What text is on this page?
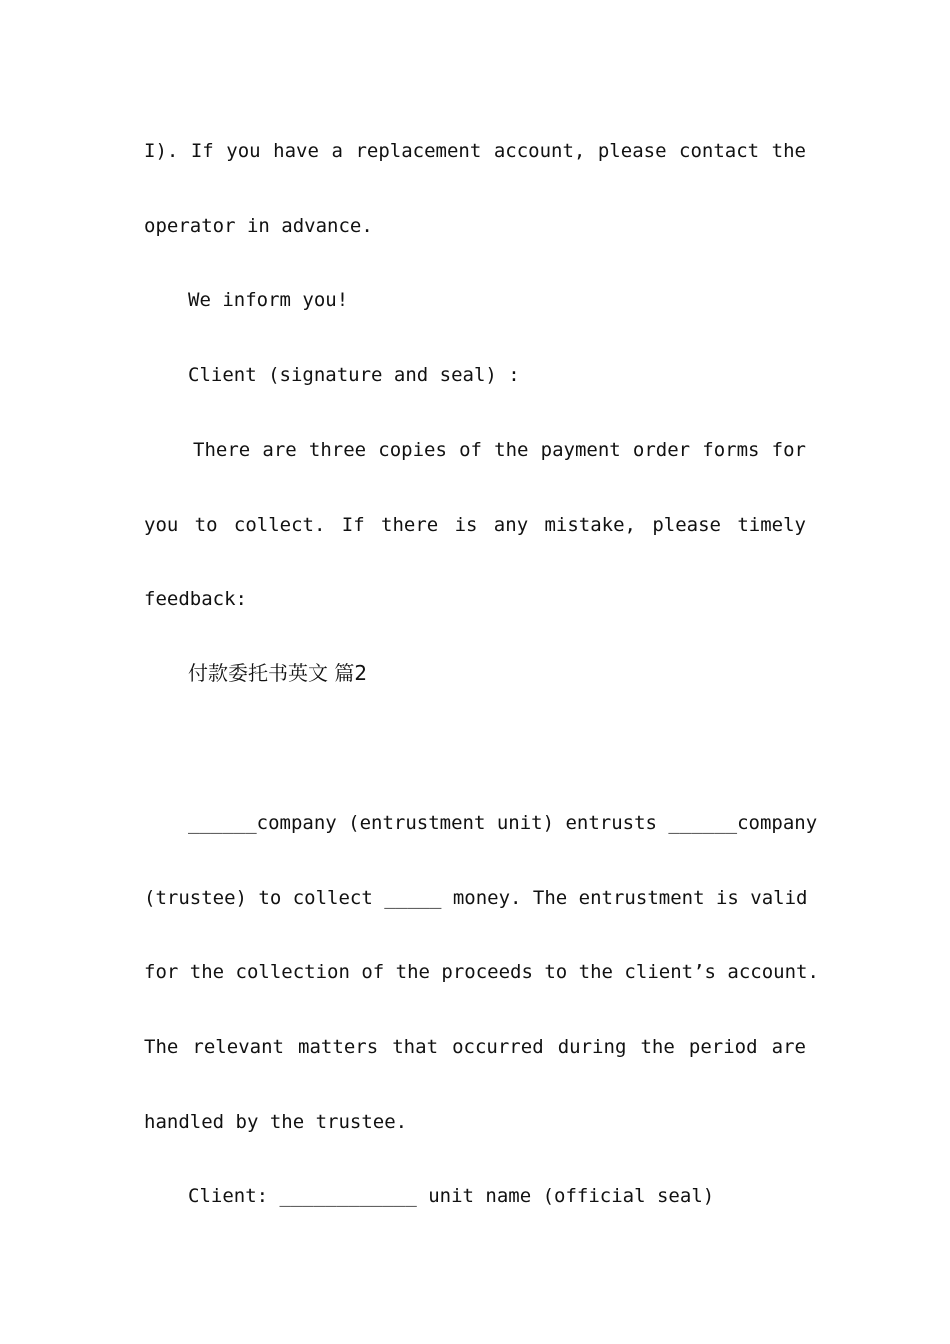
I). If you have a replacement account, please contact the
operator in advance.
We inform you!
Client (signature and seal) :
There are three copies of the payment order forms for
you to collect. If there is any mistake, please timely
feedback:
付款委托书英文 篇2
______company (entrustment unit) entrusts ______company
(trustee) to collect _____ money. The entrustment is valid
for the collection of the proceeds to the client’s account.
The relevant matters that occurred during the period are
handled by the trustee.
Client: ____________ unit name (official seal)
